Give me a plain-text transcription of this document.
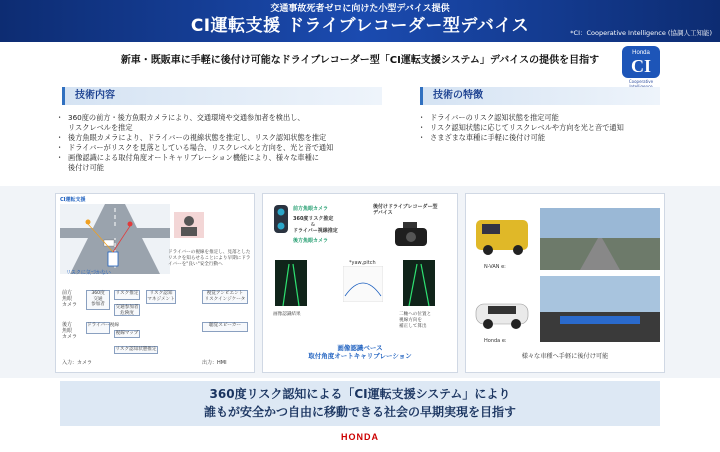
交通事故死者ゼロに向けた小型デバイス提供
CI運転支援 ドライブレコーダー型デバイス	*CI：Cooperative Intelligence (協調人工知能)
新車・既販車に手軽に後付け可能なドライブレコーダー型「CI運転支援システム」デバイスの提供を目指す
Honda
CI
Cooperative
技術内容
・ 360度の前方・後方魚眼カメラにより、交通環境や交通参加者を検出し、
リスクレベルを推定
・ 後方魚眼カメラにより、ドライバーの視線状態を推定し、リスク認知状態を推定
・ ドライバーがリスクを見落としている場合、リスクレベルと方向を、光と音で通知
・ 画像認識による取付角度オートキャリブレーション機能により、様々な車種に
後付け可能
技術の特徴
・ ドライバーのリスク認知状態を推定可能
・ リスク認知状態に応じてリスクレベルや方向を光と音で通知
・ さまざまな車種に手軽に後付け可能
CI運転支援
リスクに気づかない
ドライバーの視線を推定し、見落としたリスクを知らせることにより早期にドライバーを"良い"安全行動へ
前方
魚眼
カメラ
後方
魚眼
カメラ
360度
交通
参加者
リスク推定
交通参加者
危険度
リスク認知
マネジメント
ドライバー視線
視線マップ
リスク認知状態推定
視覚アンビエント
リスクインジケータ
聴覚スピーカー
入力：カメラ	出力：HMI
前方魚眼カメラ
360度リスク推定
&
ドライバー視線推定
後方魚眼カメラ
後付けドライブレコーダー型
デバイス
画像認識結果
*yaw,pitch
二軸への位置と
視線方向を
補正して算出
画像認識ベース
取付角度オートキャリブレーション
N-VAN e:
Honda e:
様々な車種へ手軽に後付け可能
360度リスク認知による「CI運転支援システム」により
誰もが安全かつ自由に移動できる社会の早期実現を目指す
HONDA
